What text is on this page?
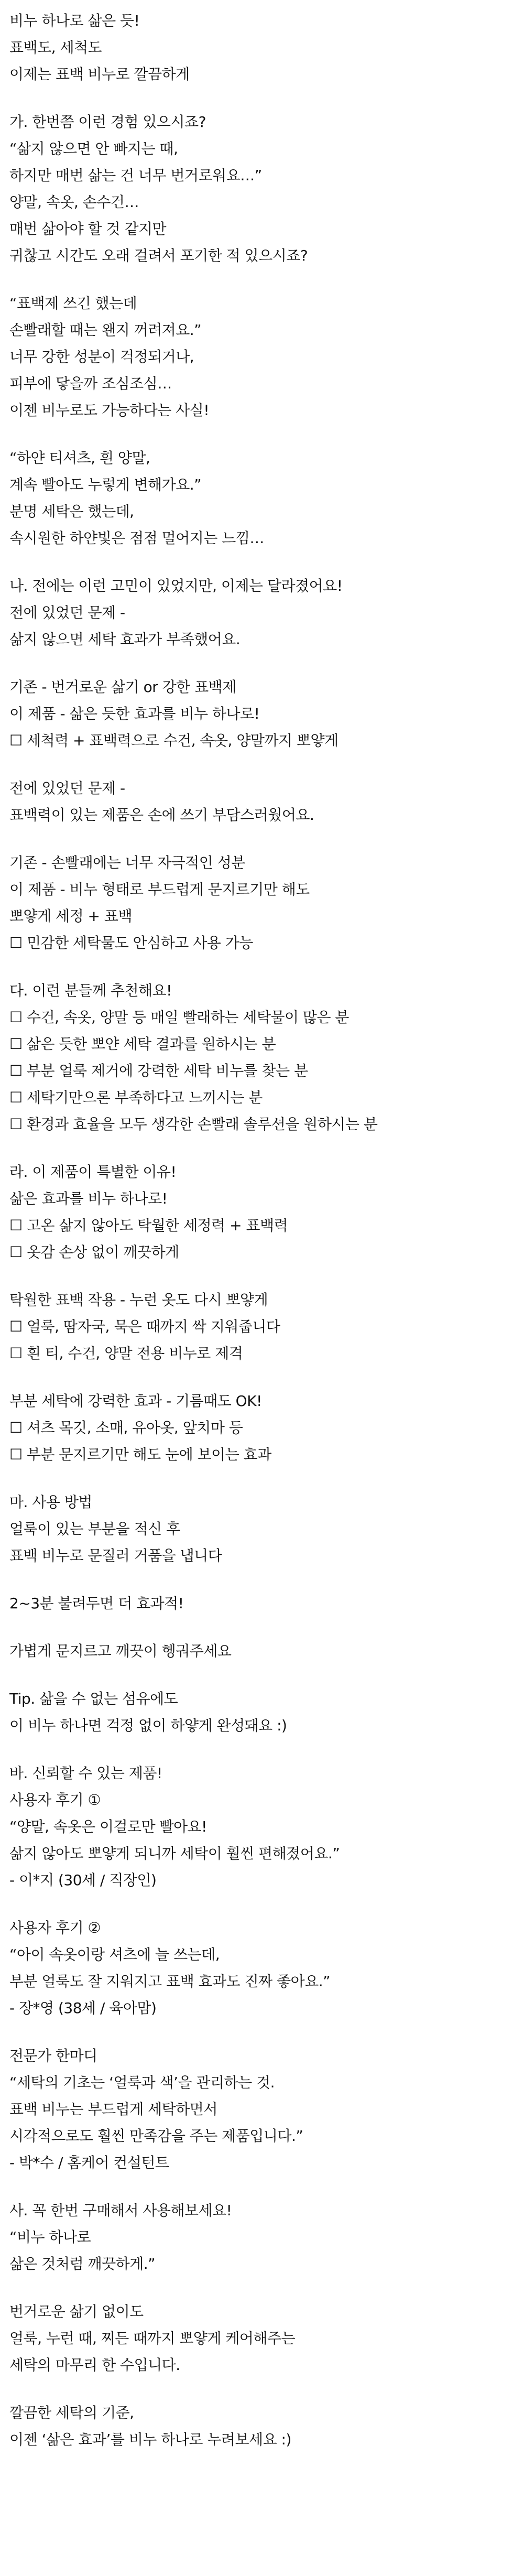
비누 하나로 삶은 듯!
표백도, 세척도
이제는 표백 비누로 깔끔하게
가. 한번쯤 이런 경험 있으시죠?
“삶지 않으면 안 빠지는 때,
하지만 매번 삶는 건 너무 번거로워요…”
양말, 속옷, 손수건…
매번 삶아야 할 것 같지만
귀찮고 시간도 오래 걸려서 포기한 적 있으시죠?
“표백제 쓰긴 했는데
손빨래할 때는 왠지 꺼려져요.”
너무 강한 성분이 걱정되거나,
피부에 닿을까 조심조심…
이젠 비누로도 가능하다는 사실!
“하얀 티셔츠, 흰 양말,
계속 빨아도 누렇게 변해가요.”
분명 세탁은 했는데,
속시원한 하얀빛은 점점 멀어지는 느낌…
나. 전에는 이런 고민이 있었지만, 이제는 달라졌어요!
전에 있었던 문제 -
삶지 않으면 세탁 효과가 부족했어요.
기존 - 번거로운 삶기 or 강한 표백제
이 제품 - 삶은 듯한 효과를 비누 하나로!
☐ 세척력 + 표백력으로 수건, 속옷, 양말까지 뽀얗게
전에 있었던 문제 -
표백력이 있는 제품은 손에 쓰기 부담스러웠어요.
기존 - 손빨래에는 너무 자극적인 성분
이 제품 - 비누 형태로 부드럽게 문지르기만 해도
뽀얗게 세정 + 표백
☐ 민감한 세탁물도 안심하고 사용 가능
다. 이런 분들께 추천해요!
☐ 수건, 속옷, 양말 등 매일 빨래하는 세탁물이 많은 분
☐ 삶은 듯한 뽀얀 세탁 결과를 원하시는 분
☐ 부분 얼룩 제거에 강력한 세탁 비누를 찾는 분
☐ 세탁기만으론 부족하다고 느끼시는 분
☐ 환경과 효율을 모두 생각한 손빨래 솔루션을 원하시는 분
라. 이 제품이 특별한 이유!
삶은 효과를 비누 하나로!
☐ 고온 삶지 않아도 탁월한 세정력 + 표백력
☐ 옷감 손상 없이 깨끗하게
탁월한 표백 작용 - 누런 옷도 다시 뽀얗게
☐ 얼룩, 땀자국, 묵은 때까지 싹 지워줍니다
☐ 흰 티, 수건, 양말 전용 비누로 제격
부분 세탁에 강력한 효과 - 기름때도 OK!
☐ 셔츠 목깃, 소매, 유아옷, 앞치마 등
☐ 부분 문지르기만 해도 눈에 보이는 효과
마. 사용 방법
얼룩이 있는 부분을 적신 후
표백 비누로 문질러 거품을 냅니다
2~3분 불려두면 더 효과적!
가볍게 문지르고 깨끗이 헹궈주세요
Tip. 삶을 수 없는 섬유에도
이 비누 하나면 걱정 없이 하얗게 완성돼요 :)
바. 신뢰할 수 있는 제품!
사용자 후기 ①
“양말, 속옷은 이걸로만 빨아요!
삶지 않아도 뽀얗게 되니까 세탁이 훨씬 편해졌어요.”
- 이*지 (30세 / 직장인)
사용자 후기 ②
“아이 속옷이랑 셔츠에 늘 쓰는데,
부분 얼룩도 잘 지워지고 표백 효과도 진짜 좋아요.”
- 장*영 (38세 / 육아맘)
전문가 한마디
“세탁의 기초는 ‘얼룩과 색’을 관리하는 것.
표백 비누는 부드럽게 세탁하면서
시각적으로도 훨씬 만족감을 주는 제품입니다.”
- 박*수 / 홈케어 컨설턴트
사. 꼭 한번 구매해서 사용해보세요!
“비누 하나로
삶은 것처럼 깨끗하게.”
번거로운 삶기 없이도
얼룩, 누런 때, 찌든 때까지 뽀얗게 케어해주는
세탁의 마무리 한 수입니다.
깔끔한 세탁의 기준,
이젠 ‘삶은 효과’를 비누 하나로 누려보세요 :)
